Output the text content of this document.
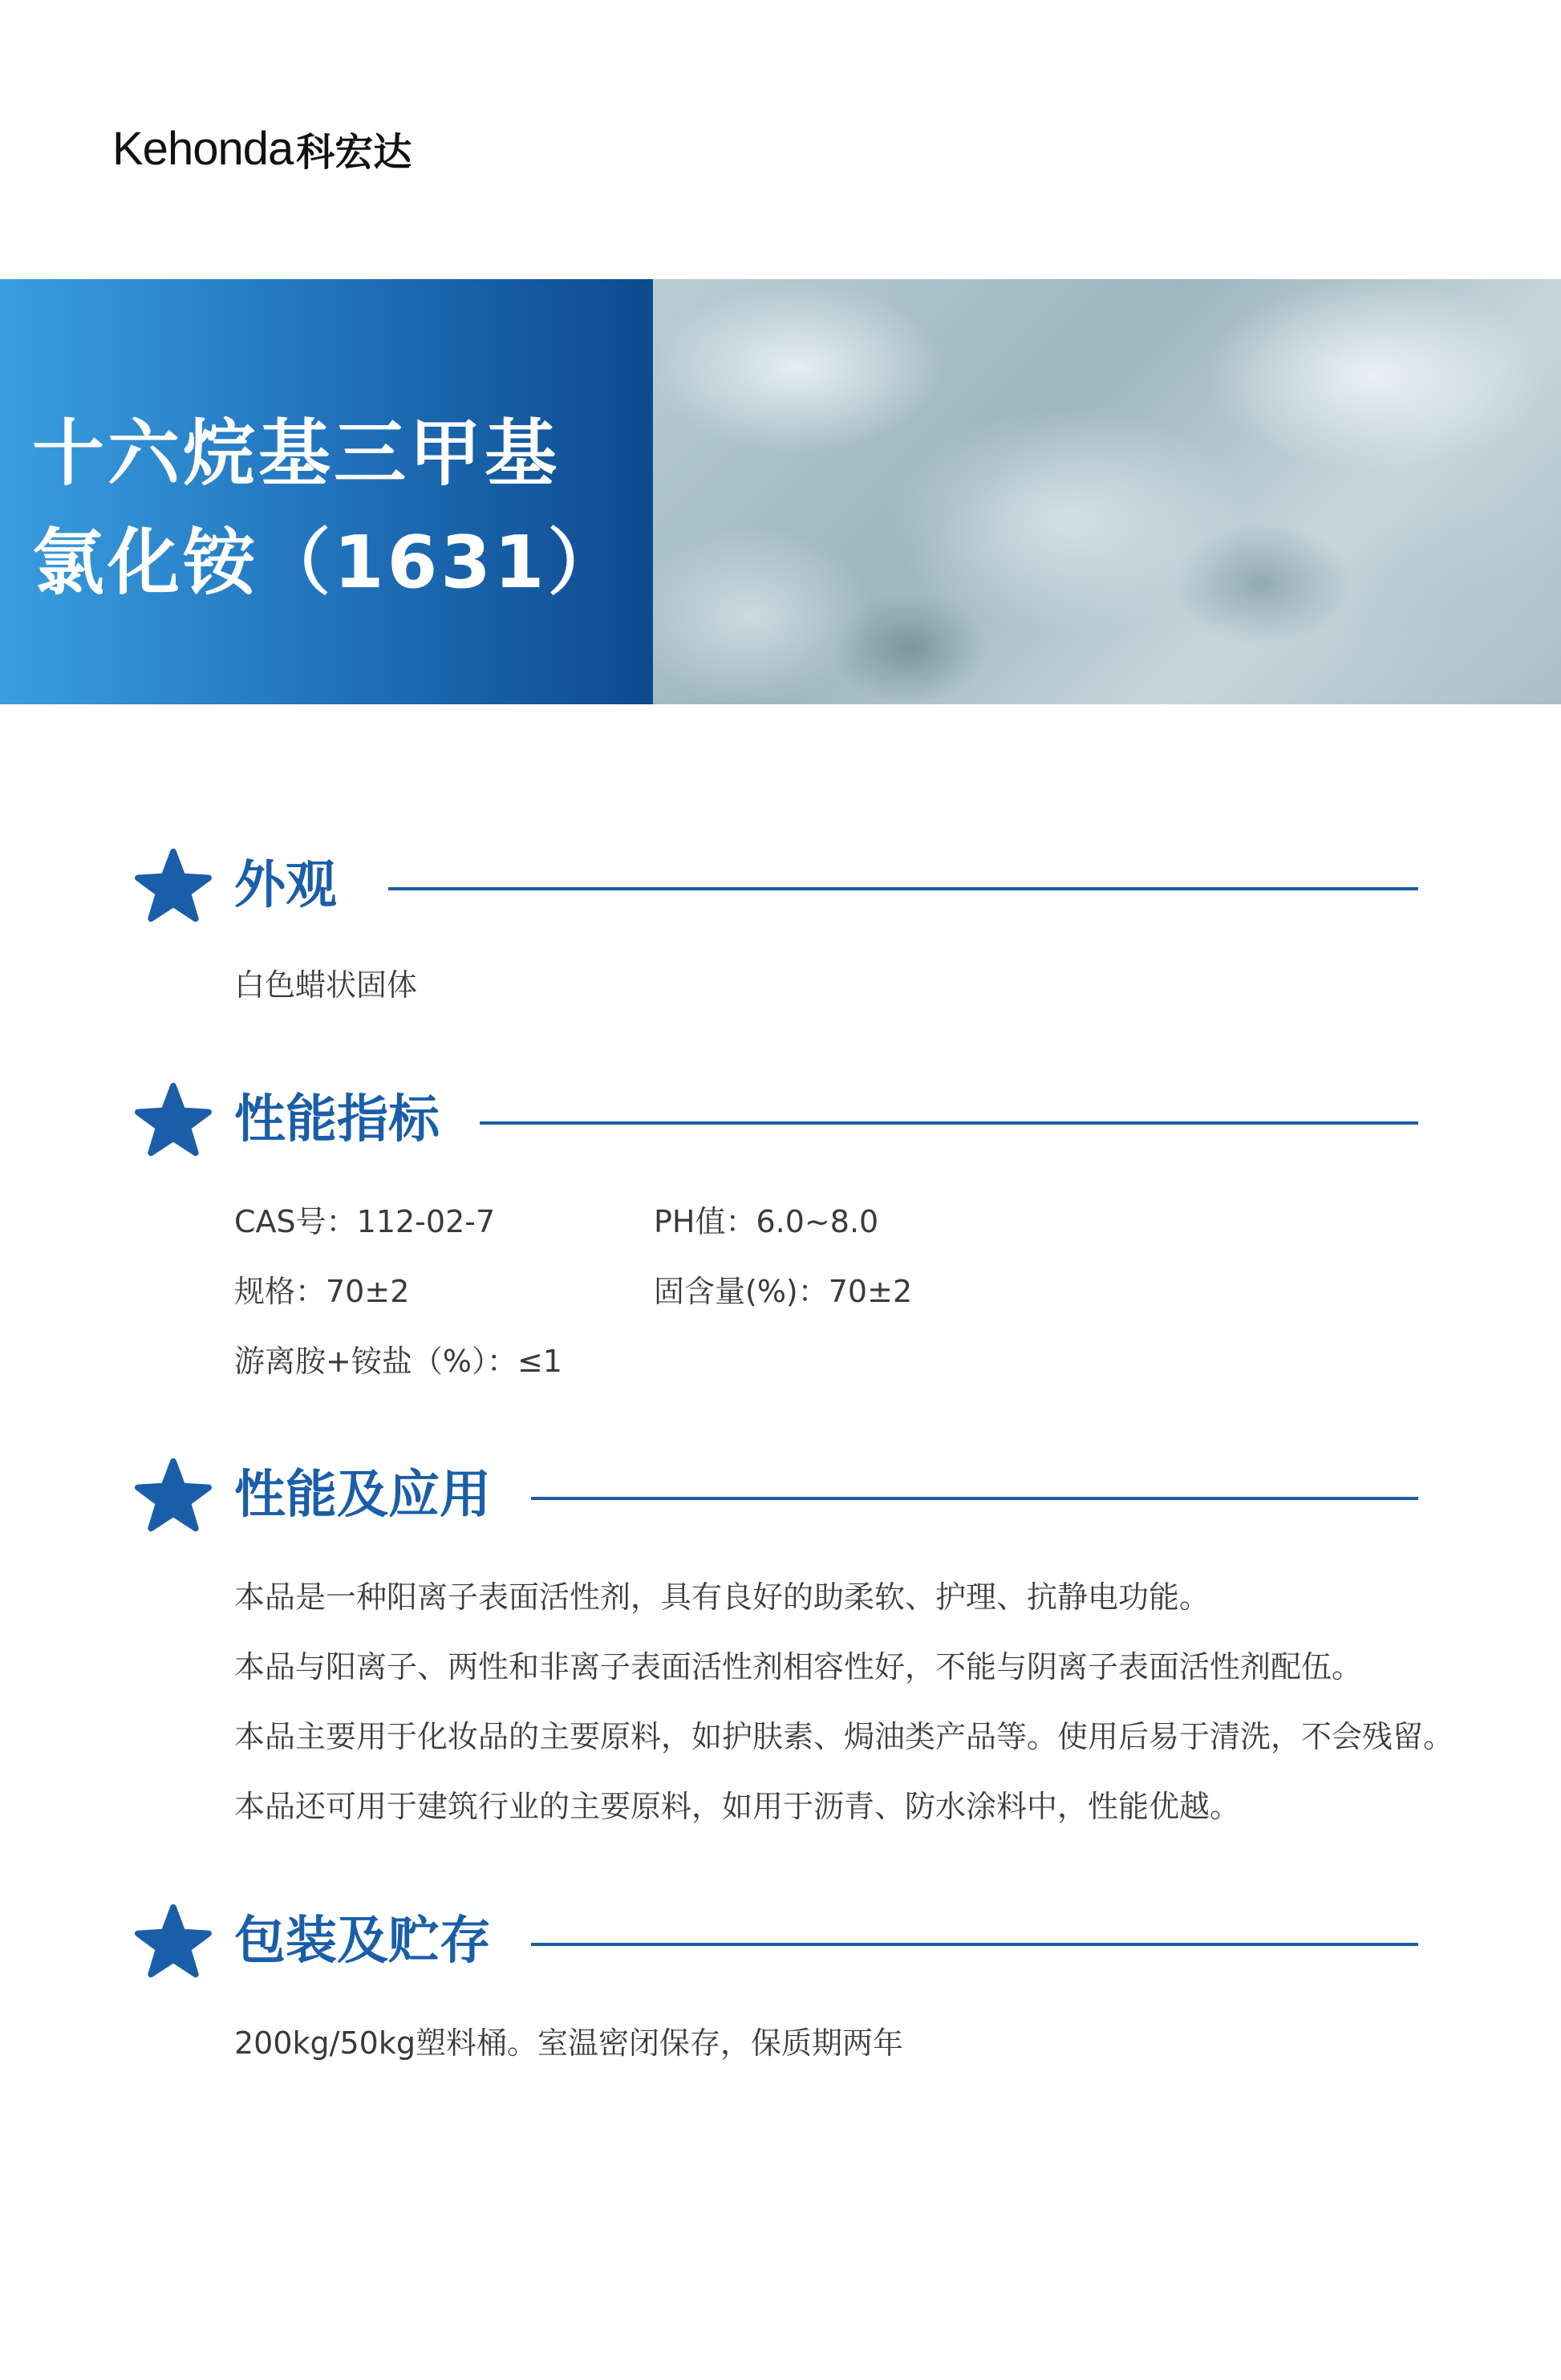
Kehonda 科宏达
十六烷基三甲基
氯化铵（1631）
外观
白色蜡状固体
性能指标
CAS号：112-02-7	PH值：6.0~8.0
规格：70±2	固含量(%)：70±2
游离胺+铵盐（%）：≤1
性能及应用
本品是一种阳离子表面活性剂，具有良好的助柔软、护理、抗静电功能。
本品与阳离子、两性和非离子表面活性剂相容性好，不能与阴离子表面活性剂配伍。
本品主要用于化妆品的主要原料，如护肤素、焗油类产品等。使用后易于清洗，不会残留。
本品还可用于建筑行业的主要原料，如用于沥青、防水涂料中，性能优越。
包装及贮存
200kg/50kg塑料桶。室温密闭保存，保质期两年
